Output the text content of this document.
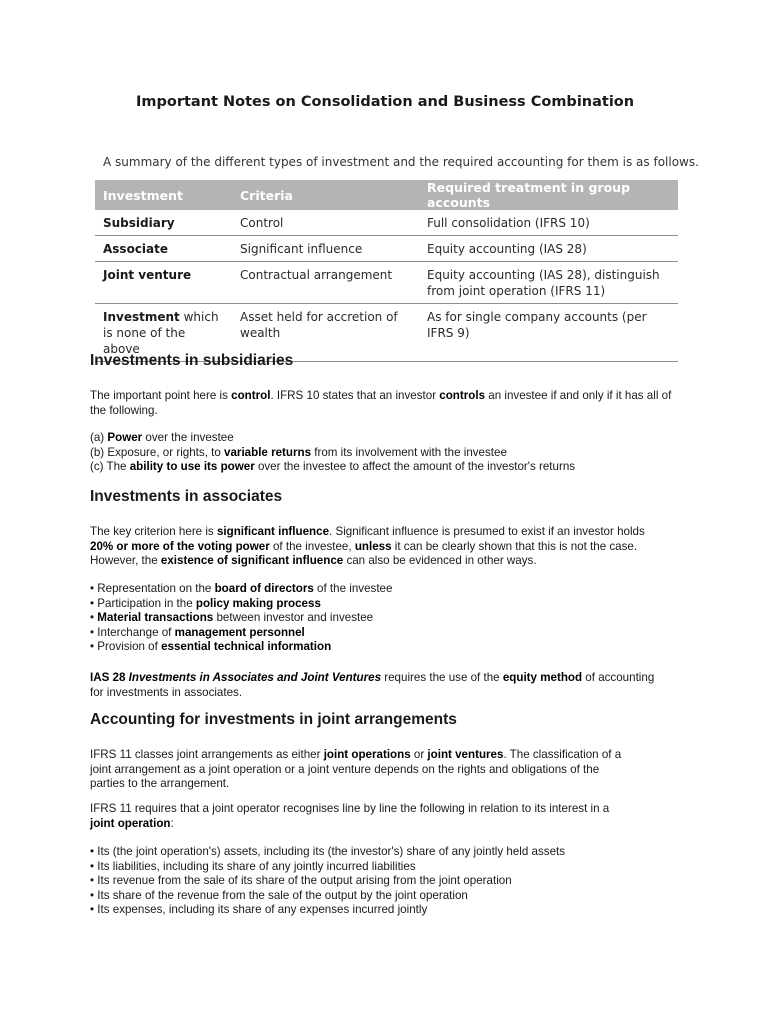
Important Notes on Consolidation and Business Combination

A summary of the different types of investment and the required accounting for them is as follows.

Investment	Criteria	Required treatment in group accounts
Subsidiary	Control	Full consolidation (IFRS 10)
Associate	Significant influence	Equity accounting (IAS 28)
Joint venture	Contractual arrangement	Equity accounting (IAS 28), distinguish from joint operation (IFRS 11)
Investment which is none of the above	Asset held for accretion of wealth	As for single company accounts (per IFRS 9)
Investments in subsidiaries

The important point here is control. IFRS 10 states that an investor controls an investee if and only if it has all of the following.

(a) Power over the investee
(b) Exposure, or rights, to variable returns from its involvement with the investee
(c) The ability to use its power over the investee to affect the amount of the investor's returns

Investments in associates

The key criterion here is significant influence. Significant influence is presumed to exist if an investor holds
20% or more of the voting power of the investee, unless it can be clearly shown that this is not the case.
However, the existence of significant influence can also be evidenced in other ways.

• Representation on the board of directors of the investee
• Participation in the policy making process
• Material transactions between investor and investee
• Interchange of management personnel
• Provision of essential technical information

IAS 28 Investments in Associates and Joint Ventures requires the use of the equity method of accounting
for investments in associates.

Accounting for investments in joint arrangements

IFRS 11 classes joint arrangements as either joint operations or joint ventures. The classification of a
joint arrangement as a joint operation or a joint venture depends on the rights and obligations of the
parties to the arrangement.

IFRS 11 requires that a joint operator recognises line by line the following in relation to its interest in a
joint operation:

• Its (the joint operation's) assets, including its (the investor's) share of any jointly held assets
• Its liabilities, including its share of any jointly incurred liabilities
• Its revenue from the sale of its share of the output arising from the joint operation
• Its share of the revenue from the sale of the output by the joint operation
• Its expenses, including its share of any expenses incurred jointly
